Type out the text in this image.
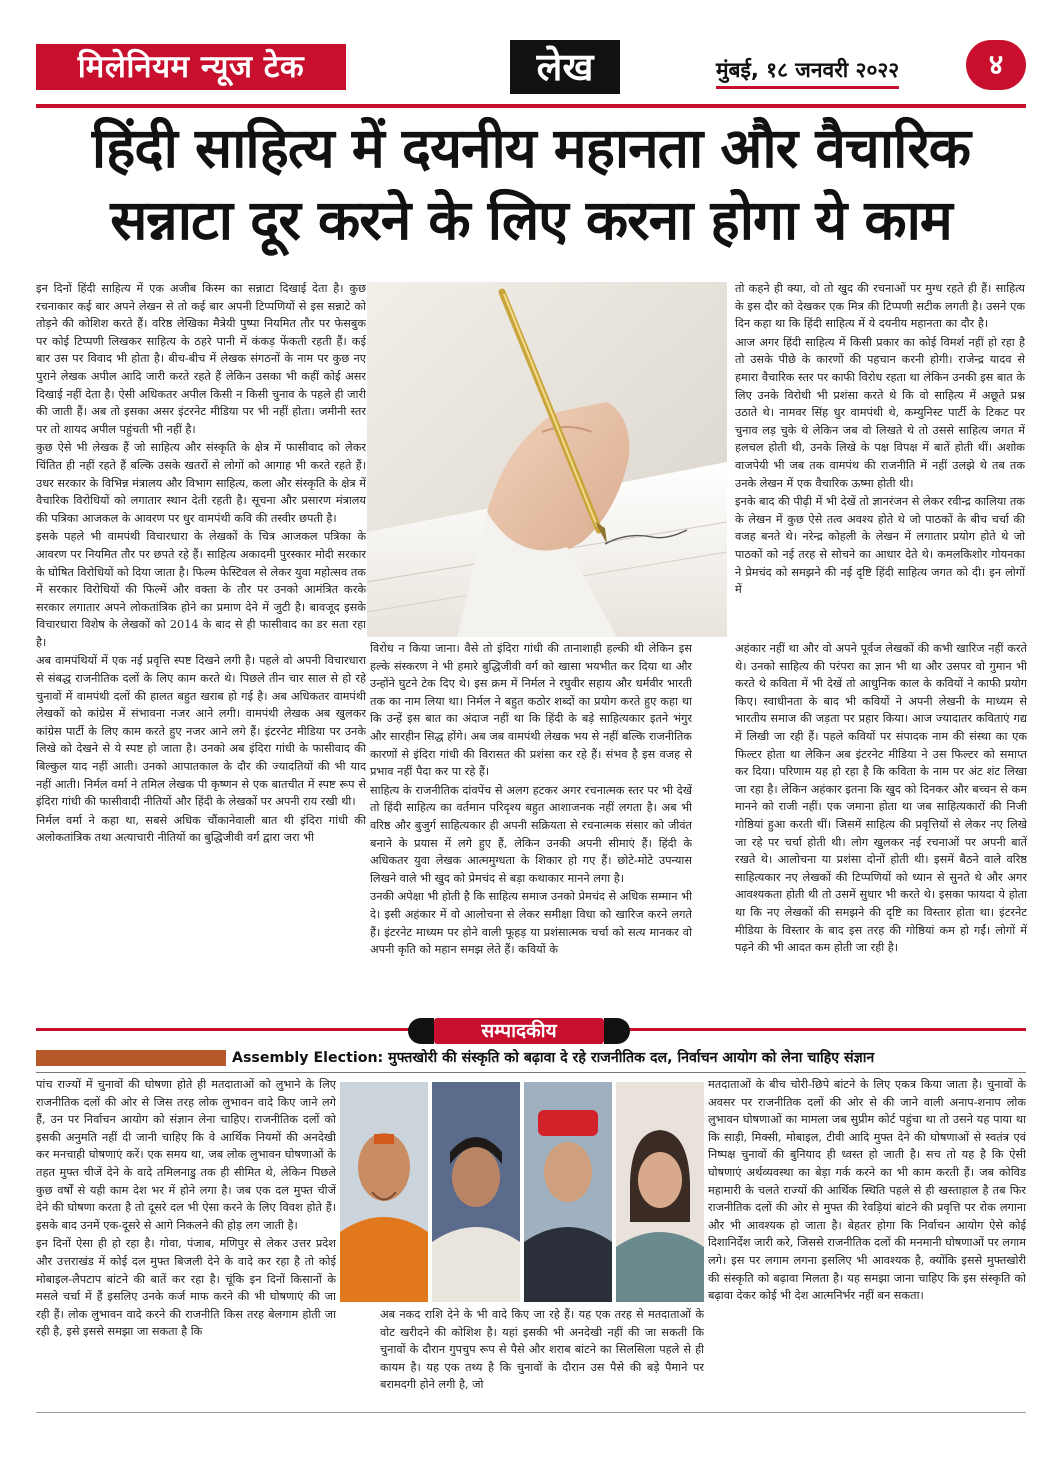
मिलेनियम न्यूज टेक	लेख	मुंबई, १८ जनवरी २०२२	४
हिंदी साहित्य में दयनीय महानता और वैचारिक
सन्नाटा दूर करने के लिए करना होगा ये काम

इन दिनों हिंदी साहित्य में एक अजीब किस्म का सन्नाटा दिखाई देता है। कुछ रचनाकार कई बार अपने लेखन से तो कई बार अपनी टिप्पणियों से इस सन्नाटे को तोड़ने की कोशिश करते हैं। वरिष्ठ लेखिका मैत्रेयी पुष्पा नियमित तौर पर फेसबुक पर कोई टिप्पणी लिखकर साहित्य के ठहरे पानी में कंकड़ फेंकती रहती हैं। कई बार उस पर विवाद भी होता है। बीच-बीच में लेखक संगठनों के नाम पर कुछ नए पुराने लेखक अपील आदि जारी करते रहते हैं लेकिन उसका भी कहीं कोई असर दिखाई नहीं देता है। ऐसी अधिकतर अपील किसी न किसी चुनाव के पहले ही जारी की जाती हैं। अब तो इसका असर इंटरनेट मीडिया पर भी नहीं होता। जमीनी स्तर पर तो शायद अपील पहुंचती भी नहीं है।

कुछ ऐसे भी लेखक हैं जो साहित्य और संस्कृति के क्षेत्र में फासीवाद को लेकर चिंतित ही नहीं रहते हैं बल्कि उसके खतरों से लोगों को आगाह भी करते रहते हैं। उधर सरकार के विभिन्न मंत्रालय और विभाग साहित्य, कला और संस्कृति के क्षेत्र में वैचारिक विरोधियों को लगातार स्थान देती रहती है। सूचना और प्रसारण मंत्रालय की पत्रिका आजकल के आवरण पर धुर वामपंथी कवि की तस्वीर छपती है।

इसके पहले भी वामपंथी विचारधारा के लेखकों के चित्र आजकल पत्रिका के आवरण पर नियमित तौर पर छपते रहे हैं। साहित्य अकादमी पुरस्कार मोदी सरकार के घोषित विरोधियों को दिया जाता है। फिल्म फेस्टिवल से लेकर युवा महोत्सव तक में सरकार विरोधियों की फिल्में और वक्ता के तौर पर उनको आमंत्रित करके सरकार लगातार अपने लोकतांत्रिक होने का प्रमाण देने में जुटी है। बावजूद इसके विचारधारा विशेष के लेखकों को 2014 के बाद से ही फासीवाद का डर सता रहा है।

अब वामपंथियों में एक नई प्रवृत्ति स्पष्ट दिखने लगी है। पहले वो अपनी विचारधारा से संबद्ध राजनीतिक दलों के लिए काम करते थे। पिछले तीन चार साल से हो रहे चुनावों में वामपंथी दलों की हालत बहुत खराब हो गई है। अब अधिकतर वामपंथी लेखकों को कांग्रेस में संभावना नजर आने लगी। वामपंथी लेखक अब खुलकर कांग्रेस पार्टी के लिए काम करते हुए नजर आने लगे हैं। इंटरनेट मीडिया पर उनके लिखे को देखने से ये स्पष्ट हो जाता है। उनको अब इंदिरा गांधी के फासीवाद की बिल्कुल याद नहीं आती। उनको आपातकाल के दौर की ज्यादतियों की भी याद नहीं आती। निर्मल वर्मा ने तमिल लेखक पी कृष्णन से एक बातचीत में स्पष्ट रूप से इंदिरा गांधी की फासीवादी नीतियों और हिंदी के लेखकों पर अपनी राय रखी थी।

निर्मल वर्मा ने कहा था, सबसे अधिक चौंकानेवाली बात थी इंदिरा गांधी की अलोकतांत्रिक तथा अत्याचारी नीतियों का बुद्धिजीवी वर्ग द्वारा जरा भी

विरोध न किया जाना। वैसे तो इंदिरा गांधी की तानाशाही हल्की थी लेकिन इस हल्के संस्करण ने भी हमारे बुद्धिजीवी वर्ग को खासा भयभीत कर दिया था और उन्होंने घुटने टेक दिए थे। इस क्रम में निर्मल ने रघुवीर सहाय और धर्मवीर भारती तक का नाम लिया था। निर्मल ने बहुत कठोर शब्दों का प्रयोग करते हुए कहा था कि उन्हें इस बात का अंदाज नहीं था कि हिंदी के बड़े साहित्यकार इतने भंगुर और सारहीन सिद्ध होंगे। अब जब वामपंथी लेखक भय से नहीं बल्कि राजनीतिक कारणों से इंदिरा गांधी की विरासत की प्रशंसा कर रहे हैं। संभव है इस वजह से प्रभाव नहीं पैदा कर पा रहे हैं।

साहित्य के राजनीतिक दांवपेंच से अलग हटकर अगर रचनात्मक स्तर पर भी देखें तो हिंदी साहित्य का वर्तमान परिदृश्य बहुत आशाजनक नहीं लगता है। अब भी वरिष्ठ और बुजुर्ग साहित्यकार ही अपनी सक्रियता से रचनात्मक संसार को जीवंत बनाने के प्रयास में लगे हुए हैं, लेकिन उनकी अपनी सीमाएं हैं। हिंदी के अधिकतर युवा लेखक आत्ममुग्धता के शिकार हो गए हैं। छोटे-मोटे उपन्यास लिखने वाले भी खुद को प्रेमचंद से बड़ा कथाकार मानने लगा है।

उनकी अपेक्षा भी होती है कि साहित्य समाज उनको प्रेमचंद से अधिक सम्मान भी दे। इसी अहंकार में वो आलोचना से लेकर समीक्षा विधा को खारिज करने लगते हैं। इंटरनेट माध्यम पर होने वाली फूहड़ या प्रशंसात्मक चर्चा को सत्य मानकर वो अपनी कृति को महान समझ लेते हैं। कवियों के

तो कहने ही क्या, वो तो खुद की रचनाओं पर मुग्ध रहते ही हैं। साहित्य के इस दौर को देखकर एक मित्र की टिप्पणी सटीक लगती है। उसने एक दिन कहा था कि हिंदी साहित्य में ये दयनीय महानता का दौर है।

आज अगर हिंदी साहित्य में किसी प्रकार का कोई विमर्श नहीं हो रहा है तो उसके पीछे के कारणों की पहचान करनी होगी। राजेन्द्र यादव से हमारा वैचारिक स्तर पर काफी विरोध रहता था लेकिन उनकी इस बात के लिए उनके विरोधी भी प्रशंसा करते थे कि वो साहित्य में अछूते प्रश्न उठाते थे। नामवर सिंह धुर वामपंथी थे, कम्युनिस्ट पार्टी के टिकट पर चुनाव लड़ चुके थे लेकिन जब वो लिखते थे तो उससे साहित्य जगत में हलचल होती थी, उनके लिखे के पक्ष विपक्ष में बातें होती थीं। अशोक वाजपेयी भी जब तक वामपंथ की राजनीति में नहीं उलझे थे तब तक उनके लेखन में एक वैचारिक ऊष्मा होती थी।

इनके बाद की पीढ़ी में भी देखें तो ज्ञानरंजन से लेकर रवीन्द्र कालिया तक के लेखन में कुछ ऐसे तत्व अवश्य होते थे जो पाठकों के बीच चर्चा की वजह बनते थे। नरेन्द्र कोहली के लेखन में लगातार प्रयोग होते थे जो पाठकों को नई तरह से सोचने का आधार देते थे। कमलकिशोर गोयनका ने प्रेमचंद को समझने की नई दृष्टि हिंदी साहित्य जगत को दी। इन लोगों में

अहंकार नहीं था और वो अपने पूर्वज लेखकों की कभी खारिज नहीं करते थे। उनको साहित्य की परंपरा का ज्ञान भी था और उसपर वो गुमान भी करते थे कविता में भी देखें तो आधुनिक काल के कवियों ने काफी प्रयोग किए। स्वाधीनता के बाद भी कवियों ने अपनी लेखनी के माध्यम से भारतीय समाज की जड़ता पर प्रहार किया। आज ज्यादातर कविताएं गद्य में लिखी जा रही हैं। पहले कवियों पर संपादक नाम की संस्था का एक फिल्टर होता था लेकिन अब इंटरनेट मीडिया ने उस फिल्टर को समाप्त कर दिया। परिणाम यह हो रहा है कि कविता के नाम पर अंट शंट लिखा जा रहा है। लेकिन अहंकार इतना कि खुद को दिनकर और बच्चन से कम मानने को राजी नहीं। एक जमाना होता था जब साहित्यकारों की निजी गोष्ठियां हुआ करती थीं। जिसमें साहित्य की प्रवृत्तियों से लेकर नए लिखे जा रहे पर चर्चा होती थी। लोग खुलकर नई रचनाओं पर अपनी बातें रखते थे। आलोचना या प्रशंसा दोनों होती थी। इसमें बैठने वाले वरिष्ठ साहित्यकार नए लेखकों की टिप्पणियों को ध्यान से सुनते थे और अगर आवश्यकता होती थी तो उसमें सुधार भी करते थे। इसका फायदा ये होता था कि नए लेखकों की समझने की दृष्टि का विस्तार होता था। इंटरनेट मीडिया के विस्तार के बाद इस तरह की गोष्ठियां कम हो गईं। लोगों में पढ़ने की भी आदत कम होती जा रही है।

सम्पादकीय
Assembly Election: मुफ्तखोरी की संस्कृति को बढ़ावा दे रहे राजनीतिक दल, निर्वाचन आयोग को लेना चाहिए संज्ञान

पांच राज्यों में चुनावों की घोषणा होते ही मतदाताओं को लुभाने के लिए राजनीतिक दलों की ओर से जिस तरह लोक लुभावन वादे किए जाने लगे हैं, उन पर निर्वाचन आयोग को संज्ञान लेना चाहिए। राजनीतिक दलों को इसकी अनुमति नहीं दी जानी चाहिए कि वे आर्थिक नियमों की अनदेखी कर मनचाही घोषणाएं करें। एक समय था, जब लोक लुभावन घोषणाओं के तहत मुफ्त चीजें देने के वादे तमिलनाडु तक ही सीमित थे, लेकिन पिछले कुछ वर्षों से यही काम देश भर में होने लगा है। जब एक दल मुफ्त चीजें देने की घोषणा करता है तो दूसरे दल भी ऐसा करने के लिए विवश होते हैं। इसके बाद उनमें एक-दूसरे से आगे निकलने की होड़ लग जाती है।

इन दिनों ऐसा ही हो रहा है। गोवा, पंजाब, मणिपुर से लेकर उत्तर प्रदेश और उत्तराखंड में कोई दल मुफ्त बिजली देने के वादे कर रहा है तो कोई मोबाइल-लैपटाप बांटने की बातें कर रहा है। चूंकि इन दिनों किसानों के मसले चर्चा में हैं इसलिए उनके कर्ज माफ करने की भी घोषणाएं की जा रही हैं। लोक लुभावन वादे करने की राजनीति किस तरह बेलगाम होती जा रही है, इसे इससे समझा जा सकता है कि

अब नकद राशि देने के भी वादे किए जा रहे हैं। यह एक तरह से मतदाताओं के वोट खरीदने की कोशिश है। यहां इसकी भी अनदेखी नहीं की जा सकती कि चुनावों के दौरान गुपचुप रूप से पैसे और शराब बांटने का सिलसिला पहले से ही कायम है। यह एक तथ्य है कि चुनावों के दौरान उस पैसे की बड़े पैमाने पर बरामदगी होने लगी है, जो

मतदाताओं के बीच चोरी-छिपे बांटने के लिए एकत्र किया जाता है। चुनावों के अवसर पर राजनीतिक दलों की ओर से की जाने वाली अनाप-शनाप लोक लुभावन घोषणाओं का मामला जब सुप्रीम कोर्ट पहुंचा था तो उसने यह पाया था कि साड़ी, मिक्सी, मोबाइल, टीवी आदि मुफ्त देने की घोषणाओं से स्वतंत्र एवं निष्पक्ष चुनावों की बुनियाद ही ध्वस्त हो जाती है। सच तो यह है कि ऐसी घोषणाएं अर्थव्यवस्था का बेड़ा गर्क करने का भी काम करती हैं। जब कोविड महामारी के चलते राज्यों की आर्थिक स्थिति पहले से ही खस्ताहाल है तब फिर राजनीतिक दलों की ओर से मुफ्त की रेवड़ियां बांटने की प्रवृत्ति पर रोक लगाना और भी आवश्यक हो जाता है। बेहतर होगा कि निर्वाचन आयोग ऐसे कोई दिशानिर्देश जारी करे, जिससे राजनीतिक दलों की मनमानी घोषणाओं पर लगाम लगे। इस पर लगाम लगना इसलिए भी आवश्यक है, क्योंकि इससे मुफ्तखोरी की संस्कृति को बढ़ावा मिलता है। यह समझा जाना चाहिए कि इस संस्कृति को बढ़ावा देकर कोई भी देश आत्मनिर्भर नहीं बन सकता।
